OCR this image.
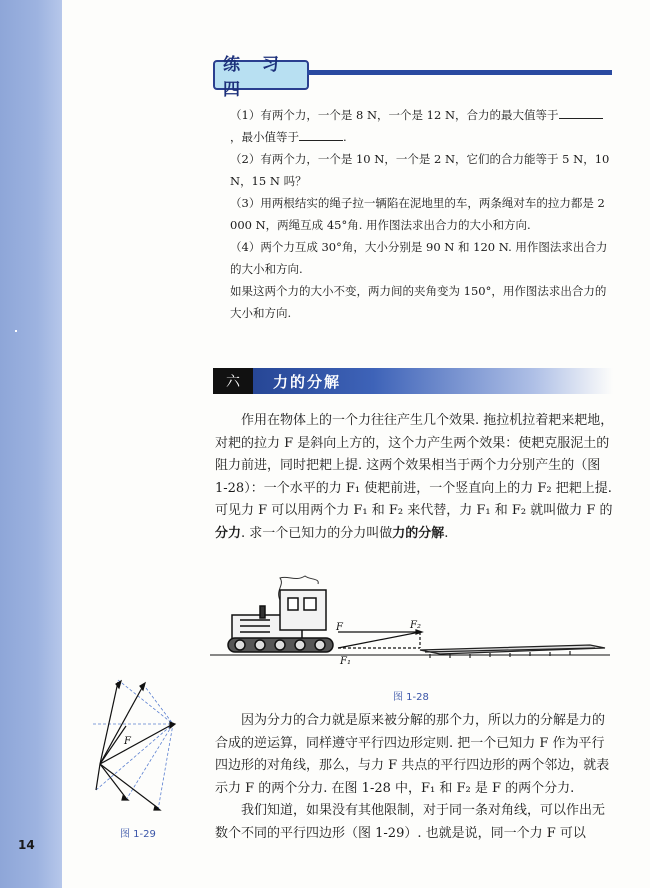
14
练 习 四

（1）有两个力，一个是 8 N，一个是 12 N，合力的最大值等于，最小值等于	.

（2）有两个力，一个是 10 N，一个是 2 N，它们的合力能等于 5 N，10 N，15 N 吗？

（3）用两根结实的绳子拉一辆陷在泥地里的车，两条绳对车的拉力都是 2 000 N，两绳互成 45°角. 用作图法求出合力的大小和方向.

（4）两个力互成 30°角，大小分别是 90 N 和 120 N. 用作图法求出合力的大小和方向.

如果这两个力的大小不变，两力间的夹角变为 150°，用作图法求出合力的大小和方向.

六	力的分解

作用在物体上的一个力往往产生几个效果. 拖拉机拉着耙来耙地，对耙的拉力 F 是斜向上方的，这个力产生两个效果：使耙克服泥土的阻力前进，同时把耙上提. 这两个效果相当于两个力分别产生的（图 1-28）：一个水平的力 F₁ 使耙前进，一个竖直向上的力 F₂ 把耙上提. 可见力 F 可以用两个力 F₁ 和 F₂ 来代替，力 F₁ 和 F₂ 就叫做力 F 的分力. 求一个已知力的分力叫做力的分解.

F	F₂
F₁
图 1-28
F
图 1-29

因为分力的合力就是原来被分解的那个力，所以力的分解是力的合成的逆运算，同样遵守平行四边形定则. 把一个已知力 F 作为平行四边形的对角线，那么，与力 F 共点的平行四边形的两个邻边，就表示力 F 的两个分力. 在图 1-28 中，F₁ 和 F₂ 是 F 的两个分力.

我们知道，如果没有其他限制，对于同一条对角线，可以作出无数个不同的平行四边形（图 1-29）. 也就是说，同一个力 F 可以
